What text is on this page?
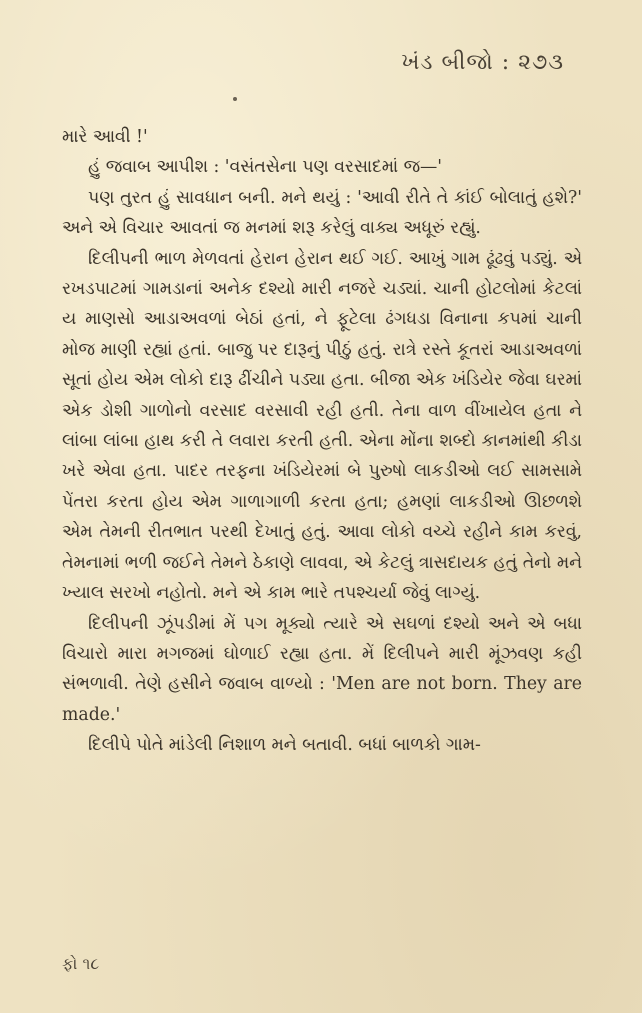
ખંડ બીજો : ૨૭૩

મારે આવી !'

હું જવાબ આપીશ : 'વસંતસેના પણ વરસાદમાં જ—'

પણ તુરત હું સાવધાન બની. મને થયું : 'આવી રીતે તે કાંઈ બોલાતું હશે?' અને એ વિચાર આવતાં જ મનમાં શરૂ કરેલું વાક્ય અધૂરું રહ્યું.

દિલીપની ભાળ મેળવતાં હેરાન હેરાન થઈ ગઈ. આખું ગામ ઢૂંઢવું પડ્યું. એ રખડપાટમાં ગામડાનાં અનેક દશ્યો મારી નજરે ચડ્યાં. ચાની હોટલોમાં કેટલાં ય માણસો આડાઅવળાં બેઠાં હતાં, ને ફૂટેલા ઢંગધડા વિનાના કપમાં ચાની મોજ માણી રહ્યાં હતાં. બાજુ પર દારૂનું પીઠું હતું. રાત્રે રસ્તે કૂતરાં આડાઅવળાં સૂતાં હોય એમ લોકો દારૂ ઢીંચીને પડ્યા હતા. બીજા એક ખંડિયેર જેવા ઘરમાં એક ડોશી ગાળોનો વરસાદ વરસાવી રહી હતી. તેના વાળ વીંખાયેલ હતા ને લાંબા લાંબા હાથ કરી તે લવારા કરતી હતી. એના મોંના શબ્દો કાનમાંથી કીડા ખરે એવા હતા. પાદર તરફના ખંડિયેરમાં બે પુરુષો લાકડીઓ લઈ સામસામે પેંતરા કરતા હોય એમ ગાળાગાળી કરતા હતા; હમણાં લાકડીઓ ઊછળશે એમ તેમની રીતભાત પરથી દેખાતું હતું. આવા લોકો વચ્ચે રહીને કામ કરવું, તેમનામાં ભળી જઈને તેમને ઠેકાણે લાવવા, એ કેટલું ત્રાસદાયક હતું તેનો મને ખ્યાલ સરખો નહોતો. મને એ કામ ભારે તપશ્ચર્યા જેવું લાગ્યું.

દિલીપની ઝૂંપડીમાં મેં પગ મૂક્યો ત્યારે એ સઘળાં દશ્યો અને એ બધા વિચારો મારા મગજમાં ઘોળાઈ રહ્યા હતા. મેં દિલીપને મારી મૂંઝવણ કહી સંભળાવી. તેણે હસીને જવાબ વાળ્યો : 'Men are not born. They are made.'

દિલીપે પોતે માંડેલી નિશાળ મને બતાવી. બધાં બાળકો ગામ-

ફો ૧૮
